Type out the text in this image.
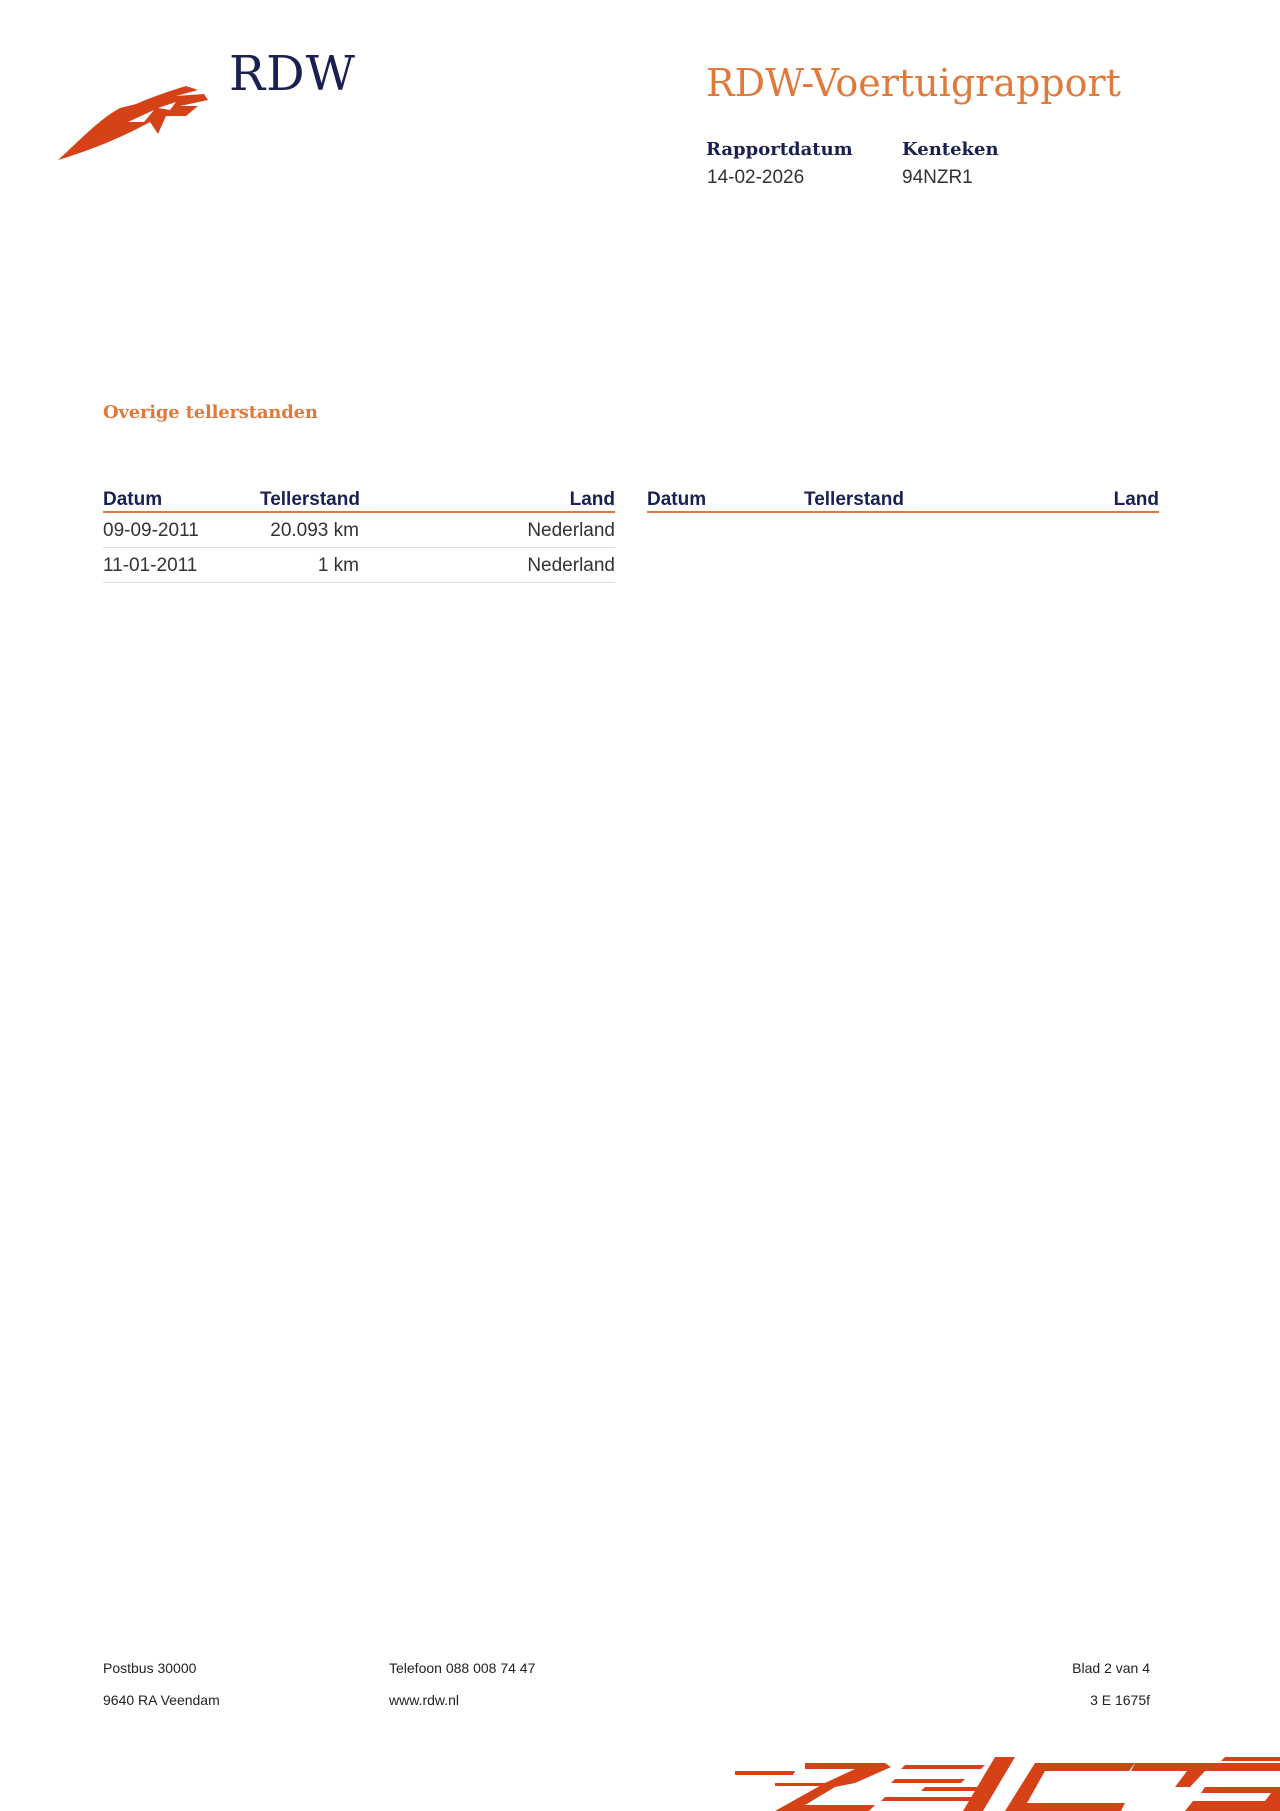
RDW	RDW-Voertuigrapport
Rapportdatum
14-02-2026
Kenteken
94NZR1
Overige tellerstanden
Datum	Tellerstand	Land
09-09-2011	20.093 km	Nederland
11-01-2011	1 km	Nederland
Datum	Tellerstand	Land
Postbus 30000
9640 RA Veendam
Telefoon 088 008 74 47
www.rdw.nl
Blad 2 van 4
3 E 1675f
